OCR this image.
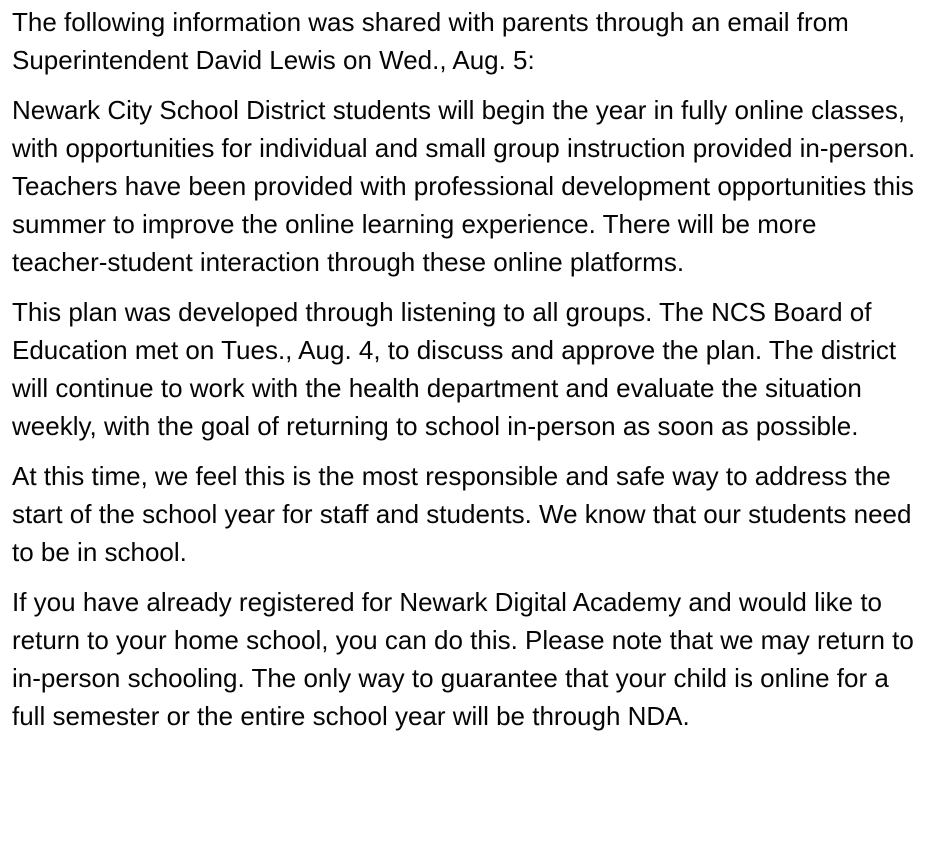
The following information was shared with parents through an email from Superintendent David Lewis on Wed., Aug. 5:

Newark City School District students will begin the year in fully online classes, with opportunities for individual and small group instruction provided in-person. Teachers have been provided with professional development opportunities this summer to improve the online learning experience. There will be more teacher-student interaction through these online platforms.

This plan was developed through listening to all groups. The NCS Board of Education met on Tues., Aug. 4, to discuss and approve the plan. The district will continue to work with the health department and evaluate the situation weekly, with the goal of returning to school in-person as soon as possible.

At this time, we feel this is the most responsible and safe way to address the start of the school year for staff and students. We know that our students need to be in school.

If you have already registered for Newark Digital Academy and would like to return to your home school, you can do this. Please note that we may return to in-person schooling. The only way to guarantee that your child is online for a full semester or the entire school year will be through NDA.
